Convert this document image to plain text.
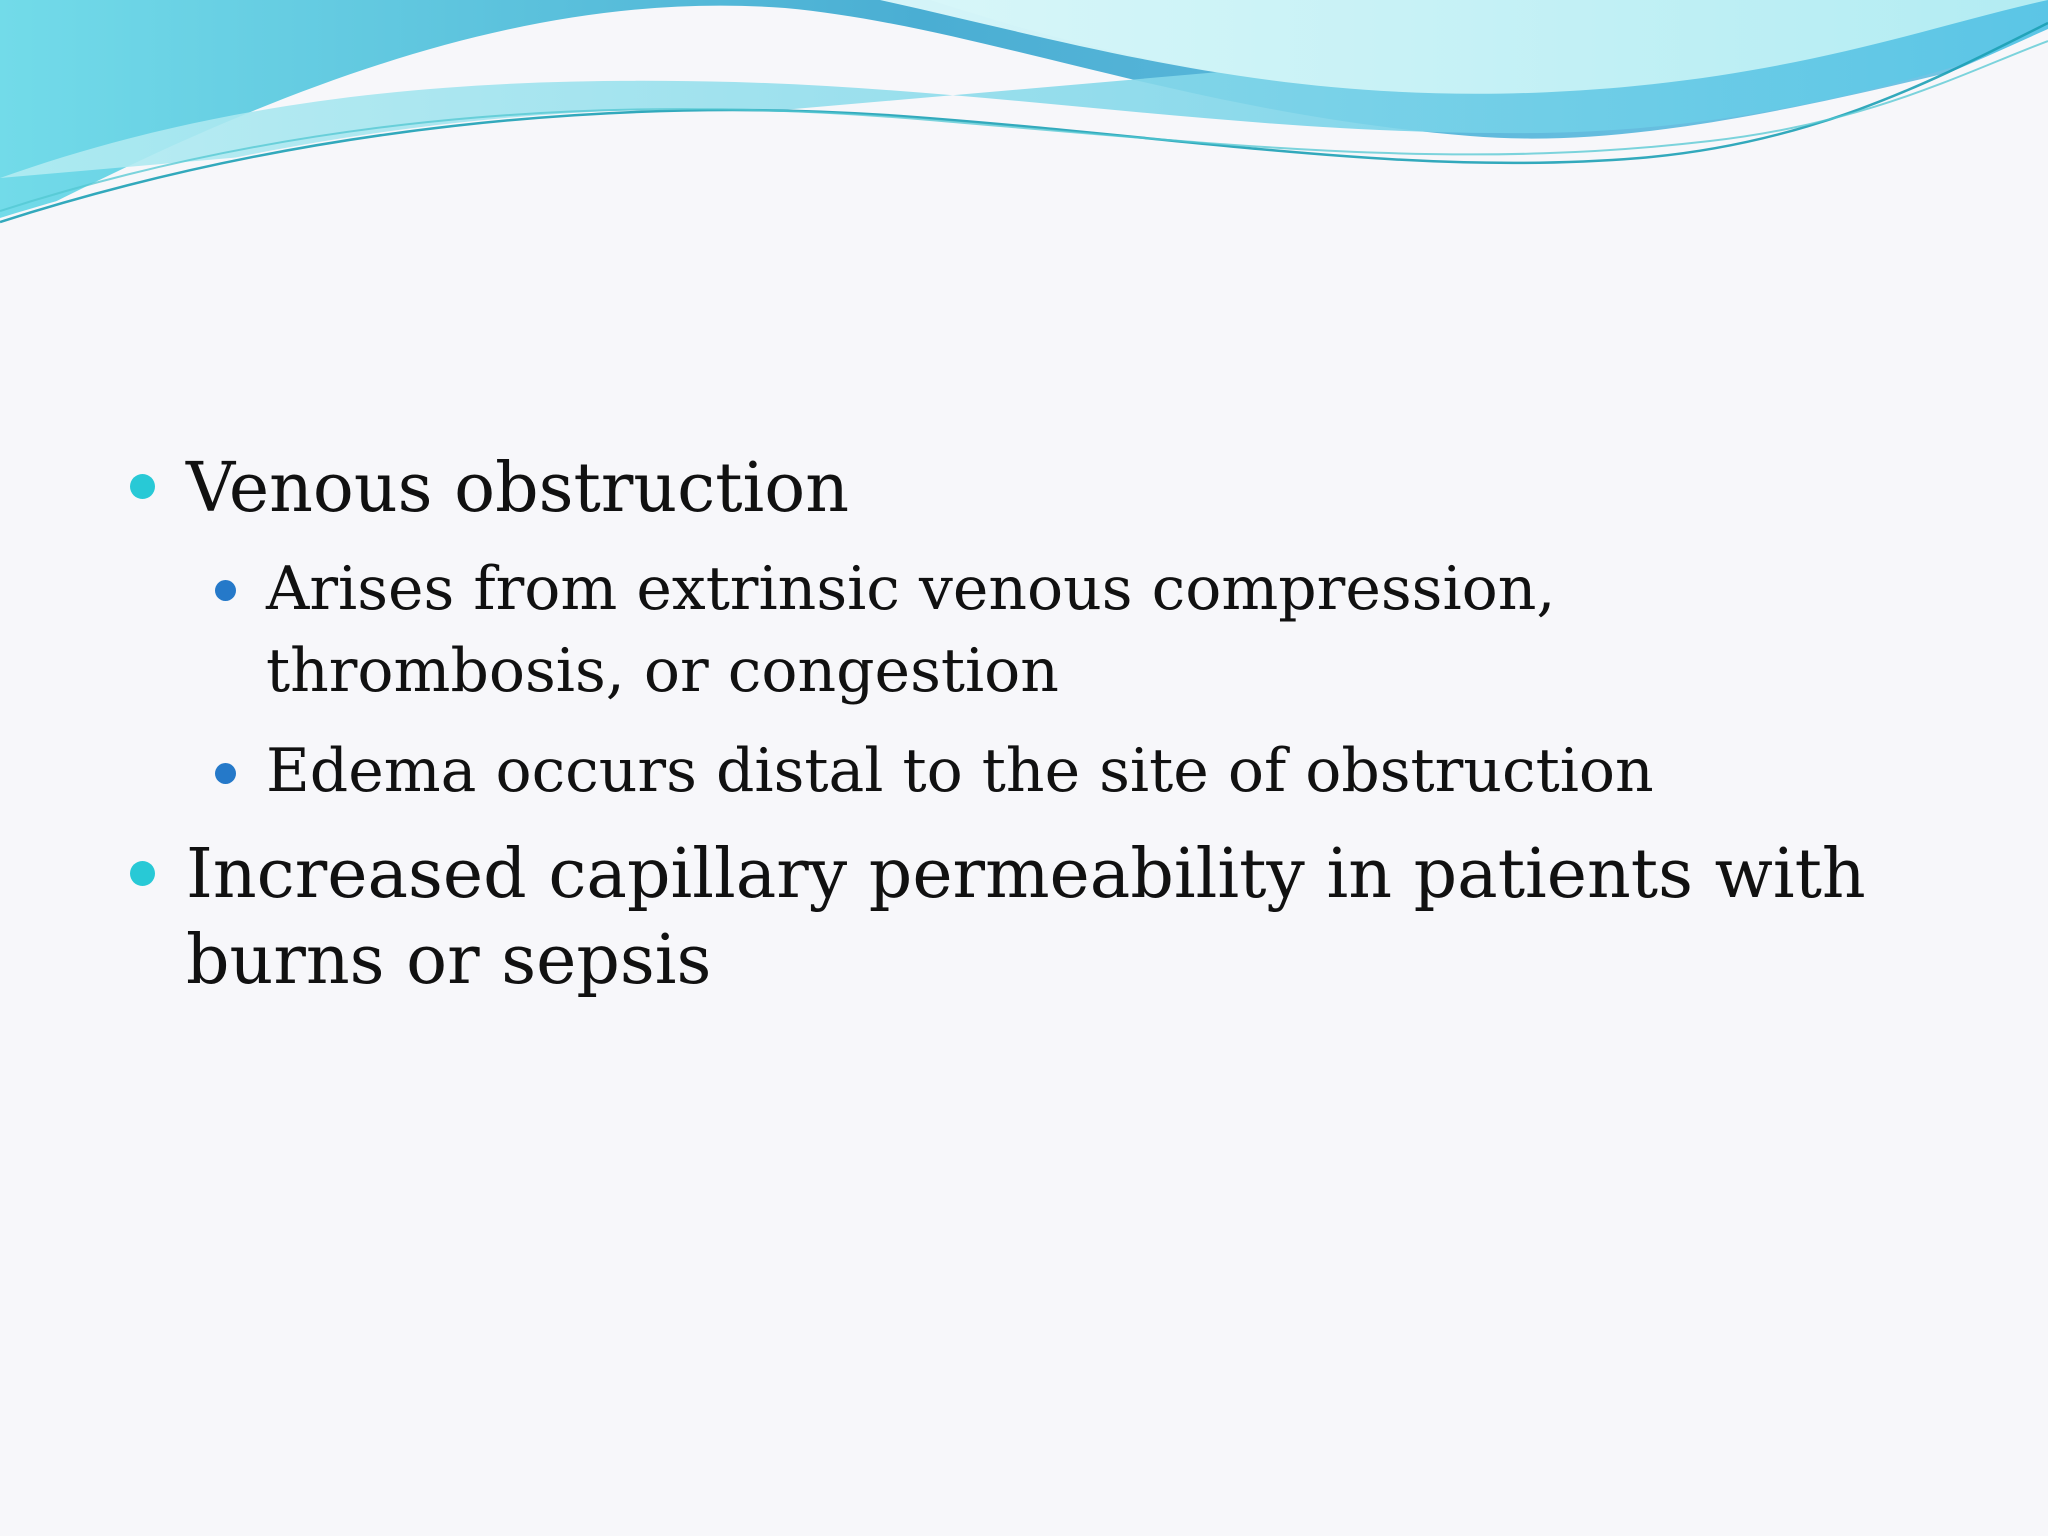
Venous obstruction
Arises from extrinsic venous compression, thrombosis, or congestion
Edema occurs distal to the site of obstruction
Increased capillary permeability in patients with burns or sepsis
